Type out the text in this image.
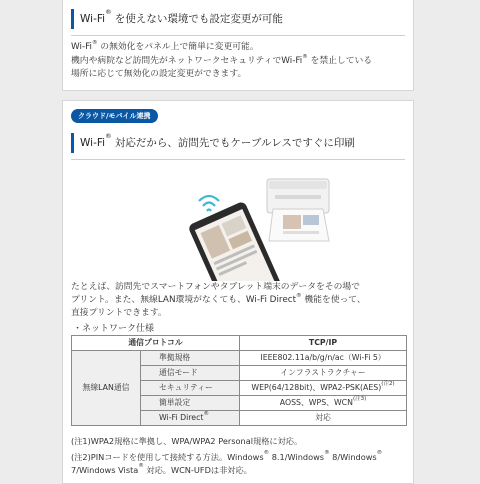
Wi-Fi® を使えない環境でも設定変更が可能
Wi-Fi® の無効化をパネル上で簡単に変更可能。
機内や病院など訪問先がネットワークセキュリティでWi-Fi® を禁止している
場所に応じて無効化の設定変更ができます。
クラウド/モバイル連携
Wi-Fi® 対応だから、訪問先でもケーブルレスですぐに印刷
たとえば、訪問先でスマートフォンやタブレット端末のデータをその場で
プリント。また、無線LAN環境がなくても、Wi-Fi Direct® 機能を使って、
直接プリントできます。
・ネットワーク仕様
通信プロトコル		TCP/IP
無線LAN通信	準拠規格	IEEE802.11a/b/g/n/ac（Wi-Fi 5）
	通信モード	インフラストラクチャー
	セキュリティー	WEP(64/128bit)、WPA2-PSK(AES)$^{(注2)}$
	簡単設定	AOSS、WPS、$WCN^{(注3)}$
	Wi-Fi Direct®	対応
(注1)WPA2規格に準拠し、WPA/WPA2 Personal規格に対応。
(注2)PINコードを使用して接続する方法。Windows® 8.1/Windows® 8/Windows®
7/Windows Vista® 対応。WCN-UFDは非対応。
